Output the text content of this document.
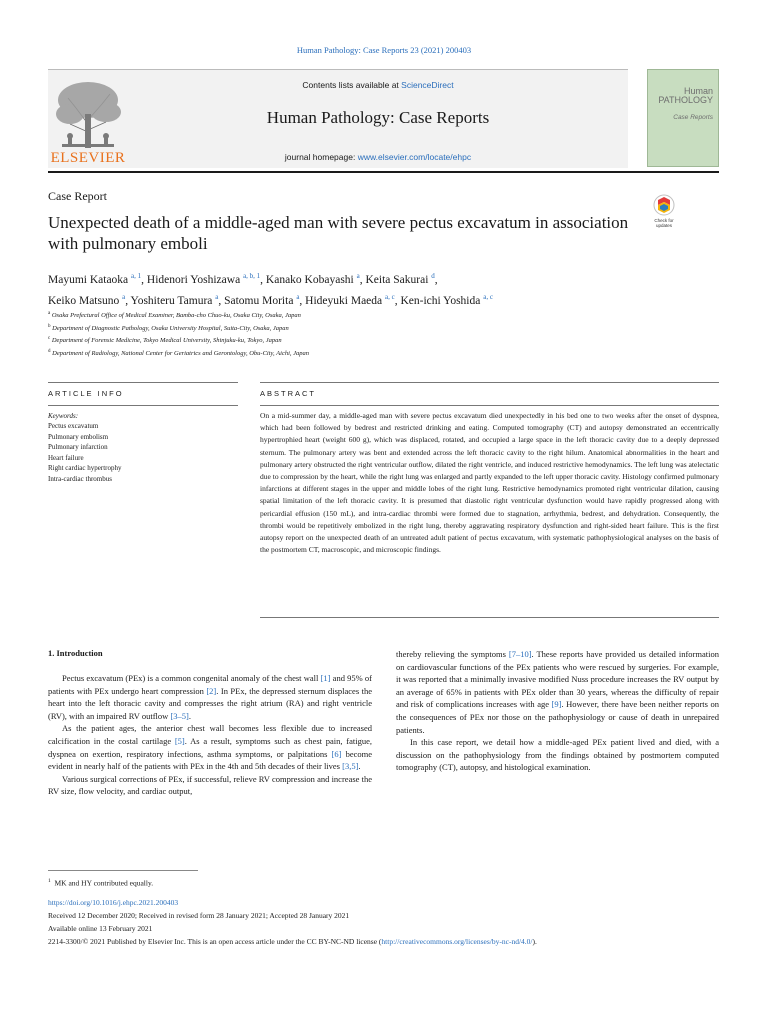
Human Pathology: Case Reports 23 (2021) 200403
ELSEVIER
Contents lists available at ScienceDirect
Human Pathology: Case Reports
journal homepage: www.elsevier.com/locate/ehpc
Human
PATHOLOGY
Case Reports
Case Report
Unexpected death of a middle-aged man with severe pectus excavatum in association with pulmonary emboli
Check for
updates
Mayumi Kataoka $^{a, 1}$, Hidenori Yoshizawa $^{a, b, 1}$, Kanako Kobayashi $^a$, Keita Sakurai $^d$,
Keiko Matsuno $^a$, Yoshiteru Tamura $^a$, Satomu Morita $^a$, Hideyuki Maeda $^{a, c}$, Ken-ichi Yoshida $^{a, c}$
$^a$ Osaka Prefectural Office of Medical Examiner, Bamba-cho Chuo-ku, Osaka City, Osaka, Japan
$^b$ Department of Diagnostic Pathology, Osaka University Hospital, Suita-City, Osaka, Japan
$^c$ Department of Forensic Medicine, Tokyo Medical University, Shinjuku-ku, Tokyo, Japan
$^d$ Department of Radiology, National Center for Geriatrics and Gerontology, Obu-City, Aichi, Japan
ARTICLE INFO	ABSTRACT
Keywords:
Pectus excavatum
Pulmonary embolism
Pulmonary infarction
Heart failure
Right cardiac hypertrophy
Intra-cardiac thrombus

On a mid-summer day, a middle-aged man with severe pectus excavatum died unexpectedly in his bed one to two weeks after the onset of dyspnea, which had been followed by bedrest and restricted drinking and eating. Computed tomography (CT) and autopsy demonstrated an eccentrically hypertrophied heart (weight 600 g), which was displaced, rotated, and occupied a large space in the left thoracic cavity due to a deeply depressed sternum. The pulmonary artery was bent and extended across the left thoracic cavity to the right hilum. Anatomical abnormalities in the heart and pulmonary artery obstructed the right ventricular outflow, dilated the right ventricle, and induced restrictive hemodynamics. The left lung was atelectatic due to compression by the heart, while the right lung was enlarged and partly expanded to the left upper thoracic cavity. Histology confirmed pulmonary infarctions at different stages in the upper and middle lobes of the right lung. Restrictive hemodynamics promoted right ventricular dilation, causing spatial limitation of the left thoracic cavity. It is presumed that diastolic right ventricular dysfunction would have rapidly progressed along with pericardial effusion (150 mL), and intra-cardiac thrombi were formed due to stagnation, arrhythmia, bedrest, and dehydration. Consequently, the thrombi would be repetitively embolized in the right lung, thereby aggravating respiratory dysfunction and right-sided heart failure. This is the first autopsy report on the unexpected death of an untreated adult patient of pectus excavatum, with systematic pathophysiological analyses on the basis of the postmortem CT, macroscopic, and microscopic findings.

1. Introduction

Pectus excavatum (PEx) is a common congenital anomaly of the chest wall [1] and 95% of patients with PEx undergo heart compression [2]. In PEx, the depressed sternum displaces the heart into the left thoracic cavity and compresses the right atrium (RA) and right ventricle (RV), with an impaired RV outflow [3–5].

As the patient ages, the anterior chest wall becomes less flexible due to increased calcification in the costal cartilage [5]. As a result, symptoms such as chest pain, fatigue, dyspnea on exertion, respiratory infections, asthma symptoms, or palpitations [6] become evident in nearly half of the patients with PEx in the 4th and 5th decades of their lives [3,5].

Various surgical corrections of PEx, if successful, relieve RV compression and increase the RV size, flow velocity, and cardiac output,

thereby relieving the symptoms [7–10]. These reports have provided us detailed information on cardiovascular functions of the PEx patients who were rescued by surgeries. For example, it was reported that a minimally invasive modified Nuss procedure increases the RV output by an average of 65% in patients with PEx older than 30 years, whereas the difficulty of repair and risk of complications increases with age [9]. However, there have been neither reports on the consequences of PEx nor those on the pathophysiology or cause of death in unrepaired patients.

In this case report, we detail how a middle-aged PEx patient lived and died, with a discussion on the pathophysiology from the findings obtained by postmortem computed tomography (CT), autopsy, and histological examination.

$^1$ MK and HY contributed equally.
https://doi.org/10.1016/j.ehpc.2021.200403
Received 12 December 2020; Received in revised form 28 January 2021; Accepted 28 January 2021
Available online 13 February 2021
2214-3300/© 2021 Published by Elsevier Inc. This is an open access article under the CC BY-NC-ND license (http://creativecommons.org/licenses/by-nc-nd/4.0/).
